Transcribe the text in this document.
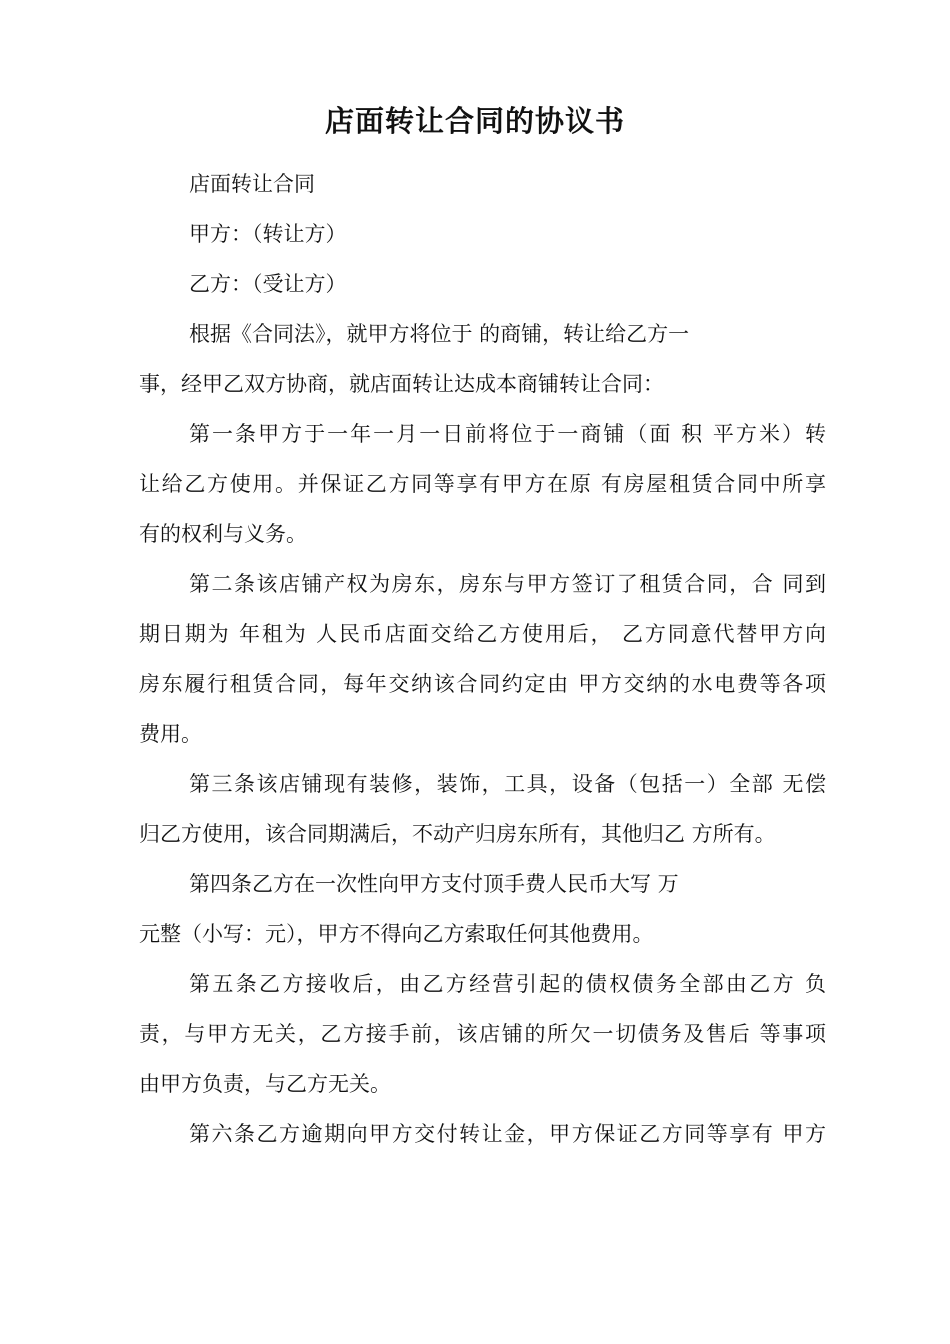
店面转让合同的协议书
店面转让合同
甲方：（转让方）
乙方：（受让方）
根据《合同法》，就甲方将位于 的商铺，转让给乙方一
事，经甲乙双方协商，就店面转让达成本商铺转让合同：
第一条甲方于一年一月一日前将位于一商铺（面 积 平方米）转
让给乙方使用。并保证乙方同等享有甲方在原 有房屋租赁合同中所享
有的权利与义务。
第二条该店铺产权为房东，房东与甲方签订了租赁合同，合 同到
期日期为 年租为 人民币店面交给乙方使用后， 乙方同意代替甲方向
房东履行租赁合同，每年交纳该合同约定由 甲方交纳的水电费等各项
费用。
第三条该店铺现有装修，装饰，工具，设备（包括一）全部 无偿
归乙方使用，该合同期满后，不动产归房东所有，其他归乙 方所有。
第四条乙方在一次性向甲方支付顶手费人民币大写 万
元整（小写：元），甲方不得向乙方索取任何其他费用。
第五条乙方接收后，由乙方经营引起的债权债务全部由乙方 负
责，与甲方无关，乙方接手前，该店铺的所欠一切债务及售后 等事项
由甲方负责，与乙方无关。
第六条乙方逾期向甲方交付转让金，甲方保证乙方同等享有 甲方
